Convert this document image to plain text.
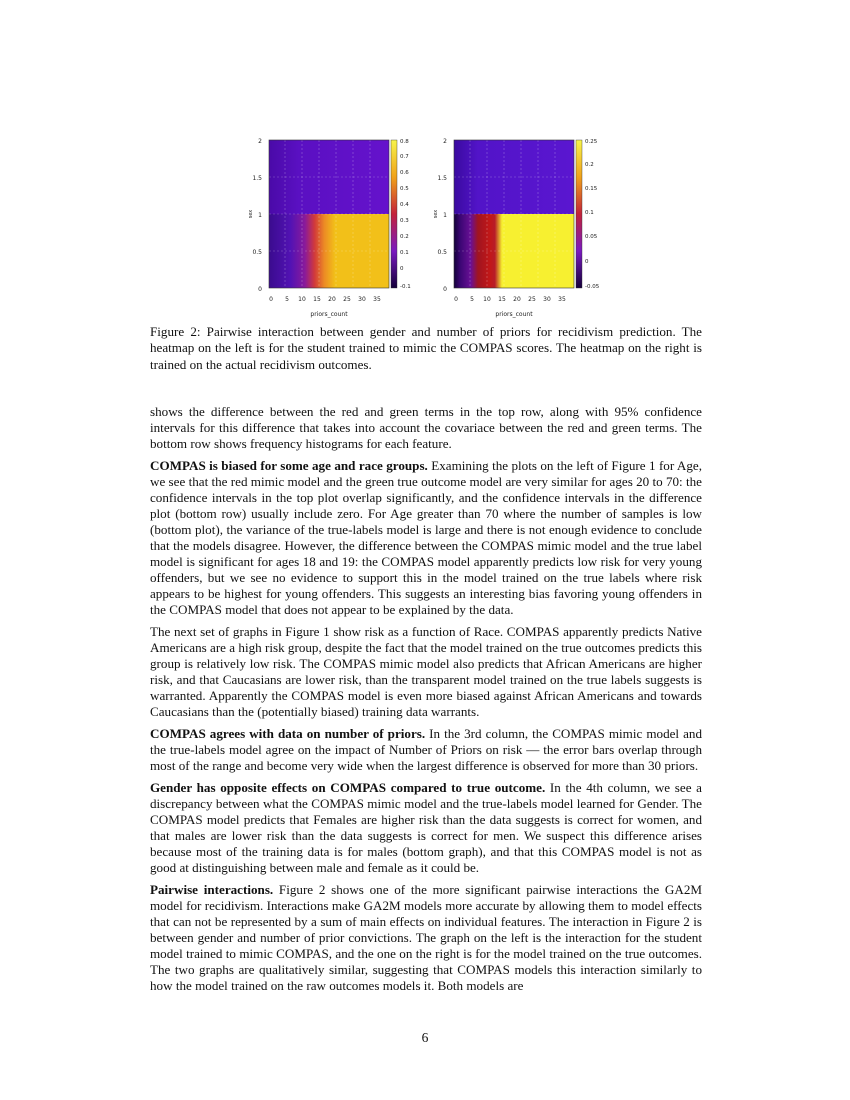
2
1.5
1
0.5
0
sex
0 5 10 15 20 25 30 35
priors_count
0.8
0.7
0.6
0.5
0.4
0.3
0.2
0.1
0
-0.1
2
1.5
1
0.5
0
sex
0 5 10 15 20 25 30 35
priors_count
0.25
0.2
0.15
0.1
0.05
0
-0.05

Figure 2: Pairwise interaction between gender and number of priors for recidivism prediction. The heatmap on the left is for the student trained to mimic the COMPAS scores. The heatmap on the right is trained on the actual recidivism outcomes.

shows the difference between the red and green terms in the top row, along with 95% confidence intervals for this difference that takes into account the covariace between the red and green terms. The bottom row shows frequency histograms for each feature.

COMPAS is biased for some age and race groups. Examining the plots on the left of Figure 1 for Age, we see that the red mimic model and the green true outcome model are very similar for ages 20 to 70: the confidence intervals in the top plot overlap significantly, and the confidence intervals in the difference plot (bottom row) usually include zero. For Age greater than 70 where the number of samples is low (bottom plot), the variance of the true-labels model is large and there is not enough evidence to conclude that the models disagree. However, the difference between the COMPAS mimic model and the true label model is significant for ages 18 and 19: the COMPAS model apparently predicts low risk for very young offenders, but we see no evidence to support this in the model trained on the true labels where risk appears to be highest for young offenders. This suggests an interesting bias favoring young offenders in the COMPAS model that does not appear to be explained by the data.

The next set of graphs in Figure 1 show risk as a function of Race. COMPAS apparently predicts Native Americans are a high risk group, despite the fact that the model trained on the true outcomes predicts this group is relatively low risk. The COMPAS mimic model also predicts that African Americans are higher risk, and that Caucasians are lower risk, than the transparent model trained on the true labels suggests is warranted. Apparently the COMPAS model is even more biased against African Americans and towards Caucasians than the (potentially biased) training data warrants.

COMPAS agrees with data on number of priors. In the 3rd column, the COMPAS mimic model and the true-labels model agree on the impact of Number of Priors on risk — the error bars overlap through most of the range and become very wide when the largest difference is observed for more than 30 priors.

Gender has opposite effects on COMPAS compared to true outcome. In the 4th column, we see a discrepancy between what the COMPAS mimic model and the true-labels model learned for Gender. The COMPAS model predicts that Females are higher risk than the data suggests is correct for women, and that males are lower risk than the data suggests is correct for men. We suspect this difference arises because most of the training data is for males (bottom graph), and that this COMPAS model is not as good at distinguishing between male and female as it could be.

Pairwise interactions. Figure 2 shows one of the more significant pairwise interactions the GA2M model for recidivism. Interactions make GA2M models more accurate by allowing them to model effects that can not be represented by a sum of main effects on individual features. The interaction in Figure 2 is between gender and number of prior convictions. The graph on the left is the interaction for the student model trained to mimic COMPAS, and the one on the right is for the model trained on the true outcomes. The two graphs are qualitatively similar, suggesting that COMPAS models this interaction similarly to how the model trained on the raw outcomes models it. Both models are

6
